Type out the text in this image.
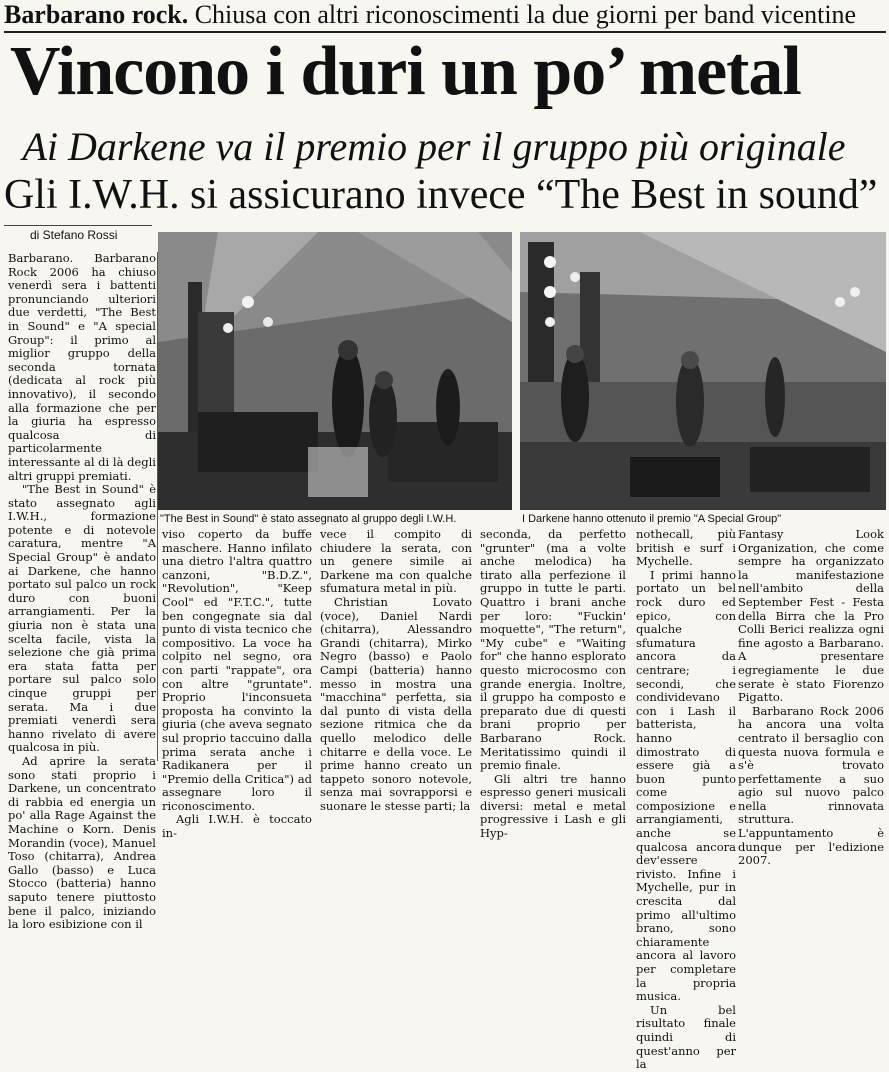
Barbarano rock. Chiusa con altri riconoscimenti la due giorni per band vicentine
Vincono i duri un po’ metal
Ai Darkene va il premio per il gruppo più originale
Gli I.W.H. si assicurano invece “The Best in sound”
di Stefano Rossi
"The Best in Sound" è stato assegnato al gruppo degli I.W.H.	I Darkene hanno ottenuto il premio "A Special Group"

Barbarano. Barbarano Rock 2006 ha chiuso venerdì sera i battenti pronunciando ulteriori due verdetti, "The Best in Sound" e "A special Group": il primo al miglior gruppo della seconda tornata (dedicata al rock più innovativo), il secondo alla formazione che per la giuria ha espresso qualcosa di particolarmente interessante al di là degli altri gruppi premiati.

"The Best in Sound" è stato assegnato agli I.W.H., formazione potente e di notevole caratura, mentre "A Special Group" è andato ai Darkene, che hanno portato sul palco un rock duro con buoni arrangiamenti. Per la giuria non è stata una scelta facile, vista la selezione che già prima era stata fatta per portare sul palco solo cinque gruppi per serata. Ma i due premiati venerdì sera hanno rivelato di avere qualcosa in più.

Ad aprire la serata sono stati proprio i Darkene, un concentrato di rabbia ed energia un po' alla Rage Against the Machine o Korn. Denis Morandin (voce), Manuel Toso (chitarra), Andrea Gallo (basso) e Luca Stocco (batteria) hanno saputo tenere piuttosto bene il palco, iniziando la loro esibizione con il

viso coperto da buffe maschere. Hanno infilato una dietro l'altra quattro canzoni, "B.D.Z.", "Revolution", "Keep Cool" ed "F.T.C.", tutte ben congegnate sia dal punto di vista tecnico che compositivo. La voce ha colpito nel segno, ora con parti "rappate", ora con altre "gruntate". Proprio l'inconsueta proposta ha convinto la giuria (che aveva segnato sul proprio taccuino dalla prima serata anche i Radikanera per il "Premio della Critica") ad assegnare loro il riconoscimento.

Agli I.W.H. è toccato in-

vece il compito di chiudere la serata, con un genere simile ai Darkene ma con qualche sfumatura metal in più.

Christian Lovato (voce), Daniel Nardi (chitarra), Alessandro Grandi (chitarra), Mirko Negro (basso) e Paolo Campi (batteria) hanno messo in mostra una "macchina" perfetta, sia dal punto di vista della sezione ritmica che da quello melodico delle chitarre e della voce. Le prime hanno creato un tappeto sonoro notevole, senza mai sovrapporsi e suonare le stesse parti; la

seconda, da perfetto "grunter" (ma a volte anche melodica) ha tirato alla perfezione il gruppo in tutte le parti. Quattro i brani anche per loro: "Fuckin' moquette", "The return", "My cube" e "Waiting for" che hanno esplorato questo microcosmo con grande energia. Inoltre, il gruppo ha composto e preparato due di questi brani proprio per Barbarano Rock. Meritatissimo quindi il premio finale.

Gli altri tre hanno espresso generi musicali diversi: metal e metal progressive i Lash e gli Hyp-

nothecall, più british e surf i Mychelle.

I primi hanno portato un bel rock duro ed epico, con qualche sfumatura ancora da centrare; i secondi, che condividevano con i Lash il batterista, hanno dimostrato di essere già a buon punto come composizione e arrangiamenti, anche se qualcosa ancora dev'essere rivisto. Infine i Mychelle, pur in crescita dal primo all'ultimo brano, sono chiaramente ancora al lavoro per completare la propria musica.

Un bel risultato finale quindi di quest'anno per la

Fantasy Look Organization, che come sempre ha organizzato la manifestazione nell'ambito della September Fest - Festa della Birra che la Pro Colli Berici realizza ogni fine agosto a Barbarano. A presentare egregiamente le due serate è stato Fiorenzo Pigatto.

Barbarano Rock 2006 ha ancora una volta centrato il bersaglio con questa nuova formula e s'è trovato perfettamente a suo agio sul nuovo palco nella rinnovata struttura. L'appuntamento è dunque per l'edizione 2007.
